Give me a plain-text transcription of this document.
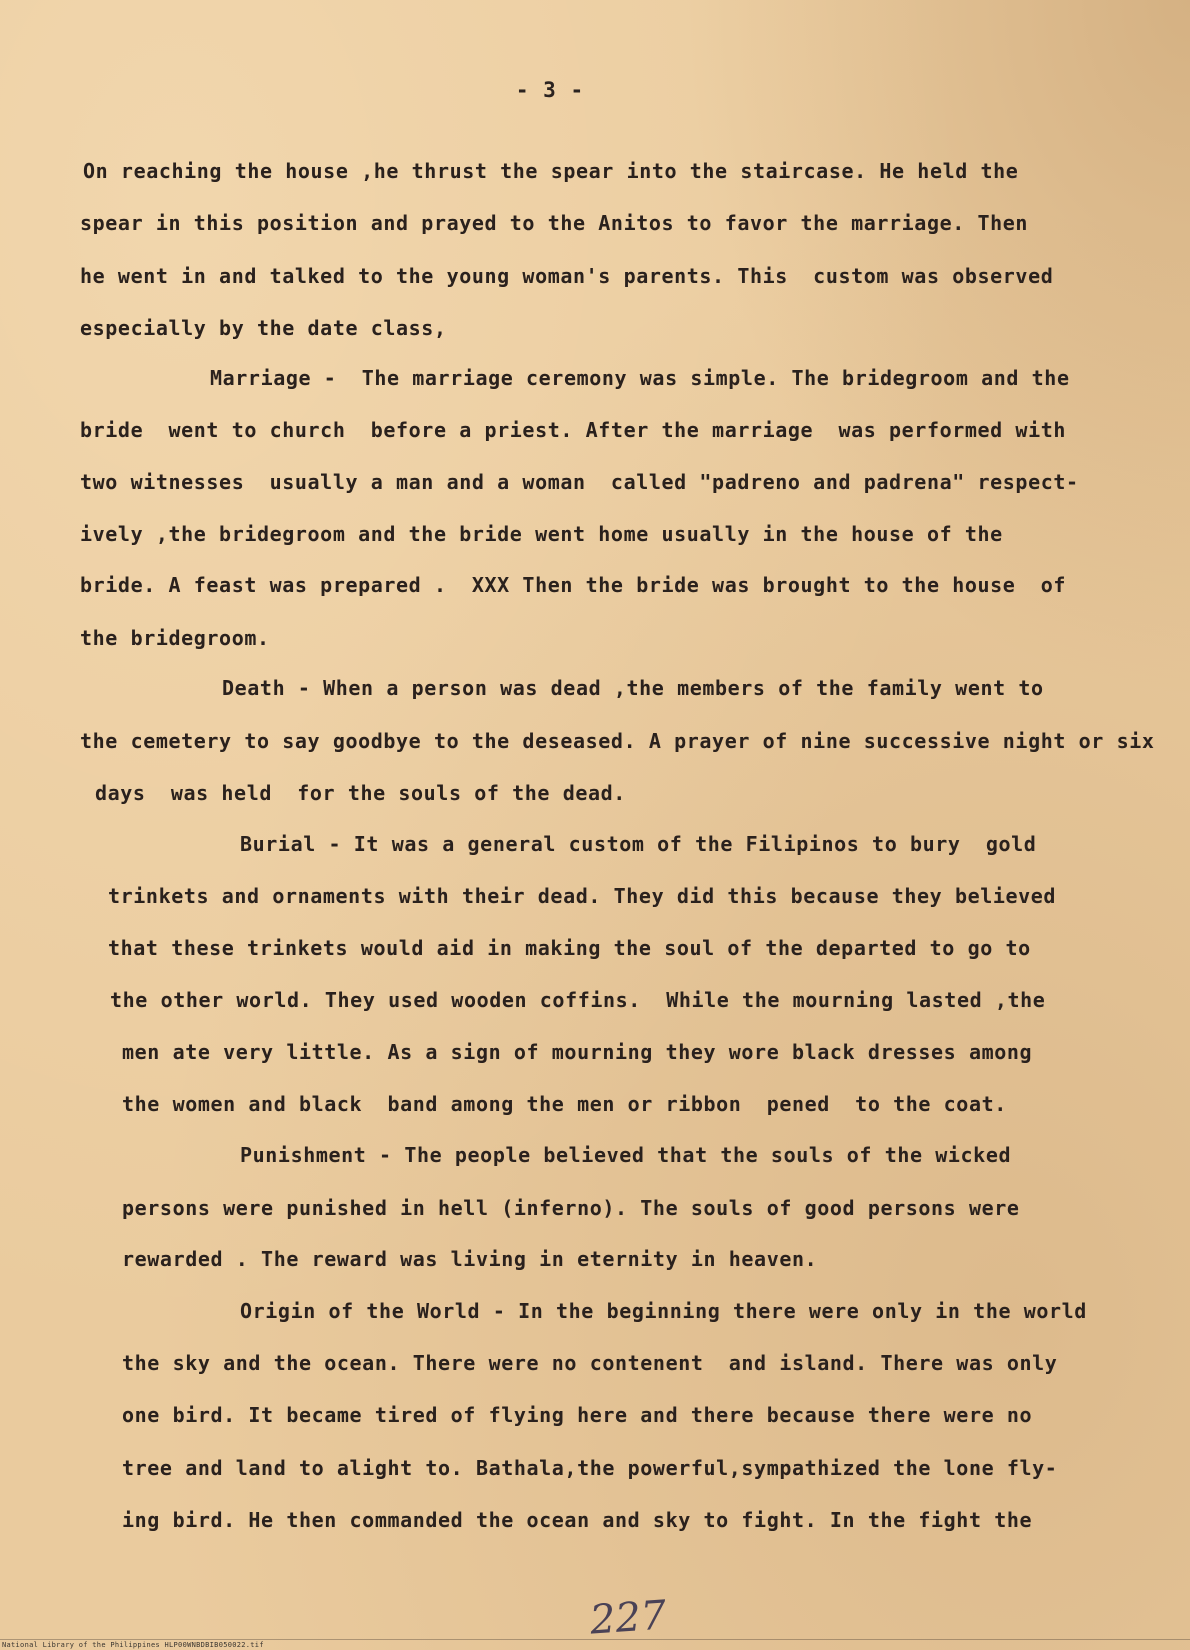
- 3 -
On reaching the house ,he thrust the spear into the staircase. He held the
spear in this position and prayed to the Anitos to favor the marriage. Then
he went in and talked to the young woman's parents. This  custom was observed
especially by the date class,
Marriage -  The marriage ceremony was simple. The bridegroom and the
bride  went to church  before a priest. After the marriage  was performed with
two witnesses  usually a man and a woman  called "padreno and padrena" respect-
ively ,the bridegroom and the bride went home usually in the house of the
bride. A feast was prepared .  XXX Then the bride was brought to the house  of
the bridegroom.
Death - When a person was dead ,the members of the family went to
the cemetery to say goodbye to the deseased. A prayer of nine successive night or six
days  was held  for the souls of the dead.
Burial - It was a general custom of the Filipinos to bury  gold
trinkets and ornaments with their dead. They did this because they believed
that these trinkets would aid in making the soul of the departed to go to
the other world. They used wooden coffins.  While the mourning lasted ,the
men ate very little. As a sign of mourning they wore black dresses among
the women and black  band among the men or ribbon  pened  to the coat.
Punishment - The people believed that the souls of the wicked
persons were punished in hell (inferno). The souls of good persons were
rewarded . The reward was living in eternity in heaven.
Origin of the World - In the beginning there were only in the world
the sky and the ocean. There were no contenent  and island. There was only
one bird. It became tired of flying here and there because there were no
tree and land to alight to. Bathala,the powerful,sympathized the lone fly-
ing bird. He then commanded the ocean and sky to fight. In the fight the
227
National Library of the Philippines HLP00WNBDBIB050022.tif
